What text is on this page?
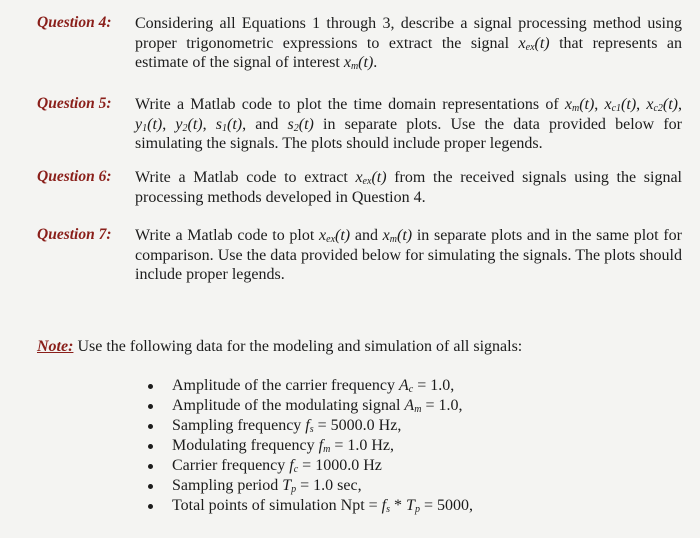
Question 4: Considering all Equations 1 through 3, describe a signal processing method using proper trigonometric expressions to extract the signal $x_{ex}(t)$ that represents an estimate of the signal of interest $x_m(t)$.
Question 5: Write a Matlab code to plot the time domain representations of $x_m(t)$, $x_{c1}(t)$, $x_{c2}(t)$, $y_1(t)$, $y_2(t)$, $s_1(t)$, and $s_2(t)$ in separate plots. Use the data provided below for simulating the signals. The plots should include proper legends.
Question 6: Write a Matlab code to extract $x_{ex}(t)$ from the received signals using the signal processing methods developed in Question 4.
Question 7: Write a Matlab code to plot $x_{ex}(t)$ and $x_m(t)$ in separate plots and in the same plot for comparison. Use the data provided below for simulating the signals. The plots should include proper legends.
Note: Use the following data for the modeling and simulation of all signals:
Amplitude of the carrier frequency $A_c = 1.0$,
Amplitude of the modulating signal $A_m = 1.0$,
Sampling frequency $f_s = 5000.0$ Hz,
Modulating frequency $f_m = 1.0$ Hz,
Carrier frequency $f_c = 1000.0$ Hz
Sampling period $T_p = 1.0$ sec,
Total points of simulation Npt = $f_s * T_p = 5000$,
